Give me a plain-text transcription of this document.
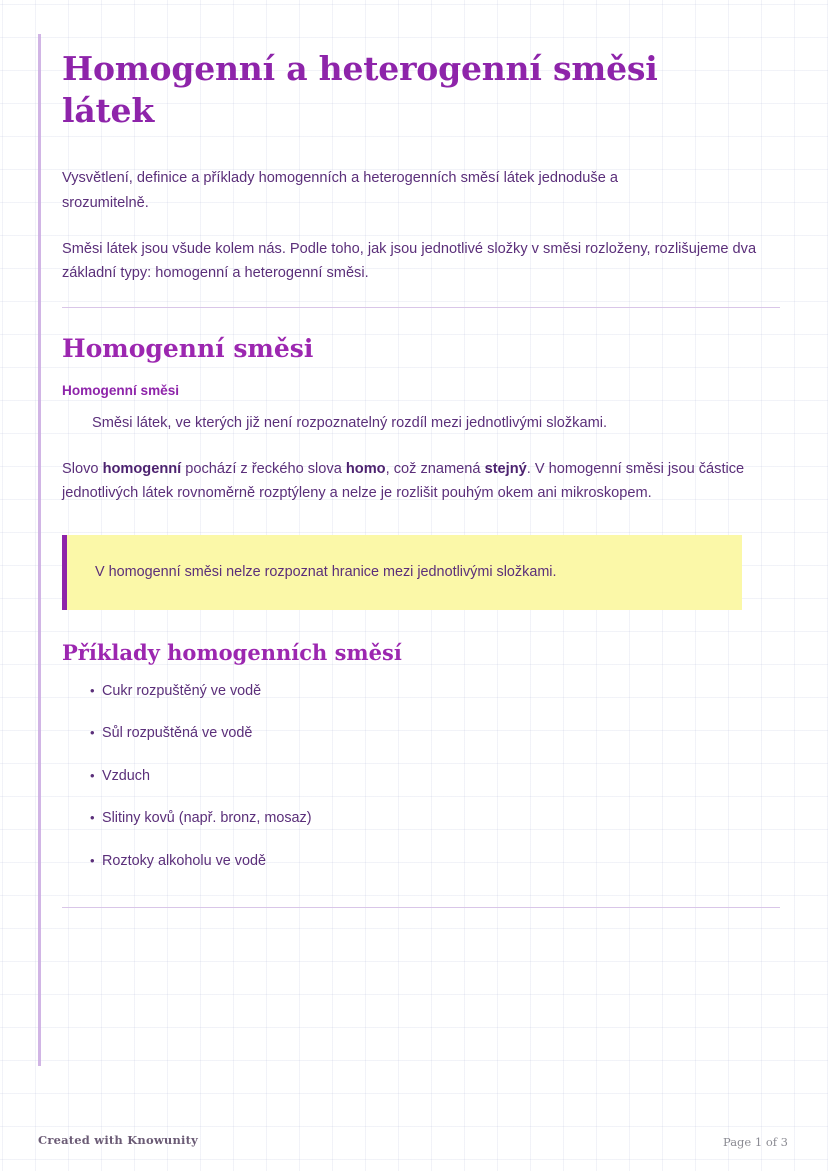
Homogenní a heterogenní směsi látek

Vysvětlení, definice a příklady homogenních a heterogenních směsí látek jednoduše a srozumitelně.

Směsi látek jsou všude kolem nás. Podle toho, jak jsou jednotlivé složky v směsi rozloženy, rozlišujeme dva základní typy: homogenní a heterogenní směsi.

Homogenní směsi
Homogenní směsi
Směsi látek, ve kterých již není rozpoznatelný rozdíl mezi jednotlivými složkami.

Slovo homogenní pochází z řeckého slova homo, což znamená stejný. V homogenní směsi jsou částice jednotlivých látek rovnoměrně rozptýleny a nelze je rozlišit pouhým okem ani mikroskopem.

V homogenní směsi nelze rozpoznat hranice mezi jednotlivými složkami.
Příklady homogenních směsí
• Cukr rozpuštěný ve vodě
• Sůl rozpuštěná ve vodě
• Vzduch
• Slitiny kovů (např. bronz, mosaz)
• Roztoky alkoholu ve vodě
Created with Knowunity	Page 1 of 3
